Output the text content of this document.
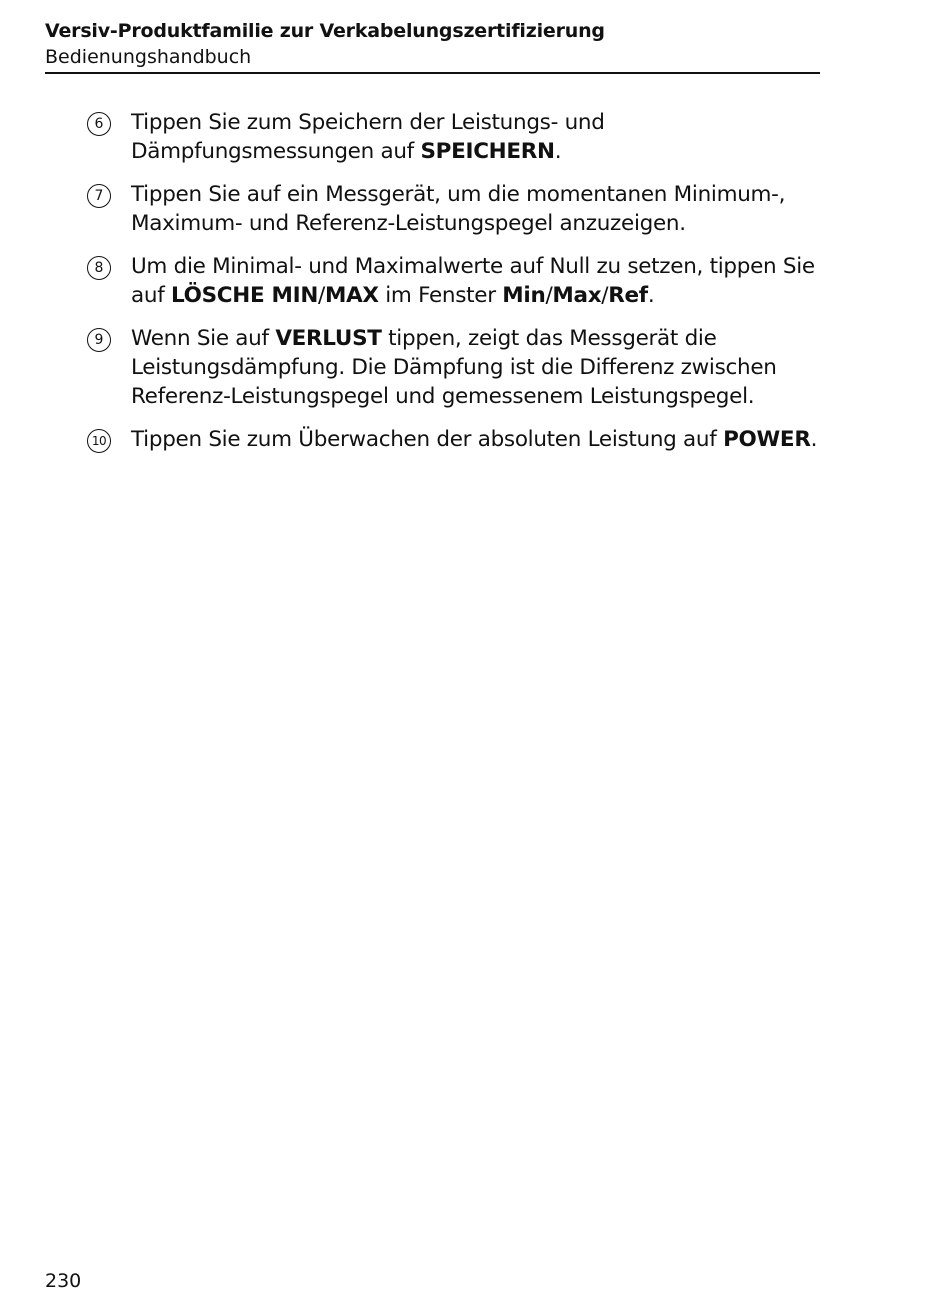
Versiv-Produktfamilie zur Verkabelungszertifizierung
Bedienungshandbuch
6	Tippen Sie zum Speichern der Leistungs- und Dämpfungsmessungen auf SPEICHERN.
7	Tippen Sie auf ein Messgerät, um die momentanen Minimum-, Maximum- und Referenz-Leistungspegel anzuzeigen.
8	Um die Minimal- und Maximalwerte auf Null zu setzen, tippen Sie auf LÖSCHE MIN/MAX im Fenster Min/Max/Ref.
9	Wenn Sie auf VERLUST tippen, zeigt das Messgerät die Leistungsdämpfung. Die Dämpfung ist die Differenz zwischen Referenz-Leistungspegel und gemessenem Leistungspegel.
10 Tippen Sie zum Überwachen der absoluten Leistung auf POWER.
230
